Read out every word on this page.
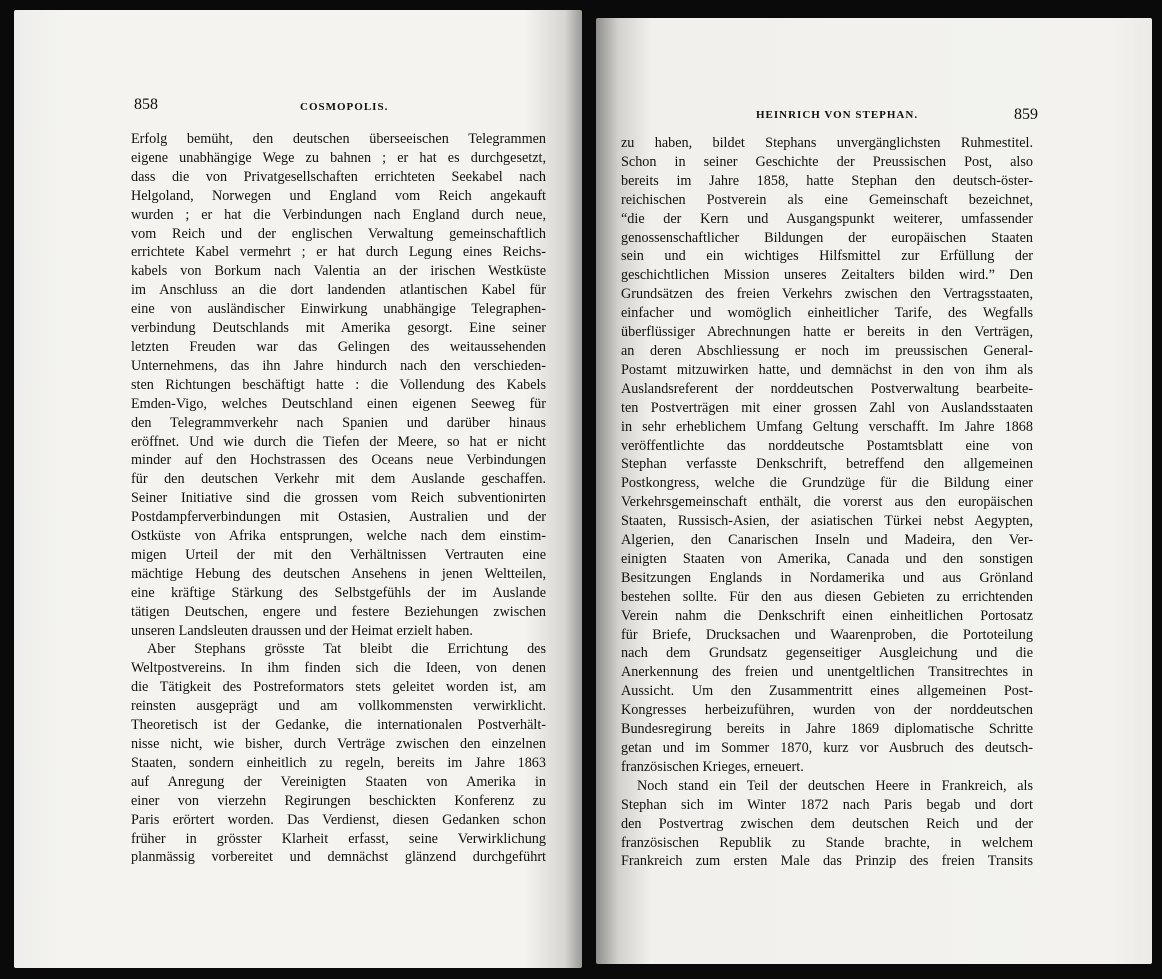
858	COSMOPOLIS.
Erfolg bemüht, den deutschen überseeischen Telegrammen
eigene unabhängige Wege zu bahnen ; er hat es durchgesetzt,
dass die von Privatgesellschaften errichteten Seekabel nach
Helgoland, Norwegen und England vom Reich angekauft
wurden ; er hat die Verbindungen nach England durch neue,
vom Reich und der englischen Verwaltung gemeinschaftlich
errichtete Kabel vermehrt ; er hat durch Legung eines Reichs-
kabels von Borkum nach Valentia an der irischen Westküste
im Anschluss an die dort landenden atlantischen Kabel für
eine von ausländischer Einwirkung unabhängige Telegraphen-
verbindung Deutschlands mit Amerika gesorgt. Eine seiner
letzten Freuden war das Gelingen des weitaussehenden
Unternehmens, das ihn Jahre hindurch nach den verschieden-
sten Richtungen beschäftigt hatte : die Vollendung des Kabels
Emden-Vigo, welches Deutschland einen eigenen Seeweg für
den Telegrammverkehr nach Spanien und darüber hinaus
eröffnet. Und wie durch die Tiefen der Meere, so hat er nicht
minder auf den Hochstrassen des Oceans neue Verbindungen
für den deutschen Verkehr mit dem Auslande geschaffen.
Seiner Initiative sind die grossen vom Reich subventionirten
Postdampferverbindungen mit Ostasien, Australien und der
Ostküste von Afrika entsprungen, welche nach dem einstim-
migen Urteil der mit den Verhältnissen Vertrauten eine
mächtige Hebung des deutschen Ansehens in jenen Weltteilen,
eine kräftige Stärkung des Selbstgefühls der im Auslande
tätigen Deutschen, engere und festere Beziehungen zwischen
unseren Landsleuten draussen und der Heimat erzielt haben.
Aber Stephans grösste Tat bleibt die Errichtung des
Weltpostvereins. In ihm finden sich die Ideen, von denen
die Tätigkeit des Postreformators stets geleitet worden ist, am
reinsten ausgeprägt und am vollkommensten verwirklicht.
Theoretisch ist der Gedanke, die internationalen Postverhält-
nisse nicht, wie bisher, durch Verträge zwischen den einzelnen
Staaten, sondern einheitlich zu regeln, bereits im Jahre 1863
auf Anregung der Vereinigten Staaten von Amerika in
einer von vierzehn Regirungen beschickten Konferenz zu
Paris erörtert worden. Das Verdienst, diesen Gedanken schon
früher in grösster Klarheit erfasst, seine Verwirklichung
planmässig vorbereitet und demnächst glänzend durchgeführt
HEINRICH VON STEPHAN.	859
zu haben, bildet Stephans unvergänglichsten Ruhmestitel.
Schon in seiner Geschichte der Preussischen Post, also
bereits im Jahre 1858, hatte Stephan den deutsch-öster-
reichischen Postverein als eine Gemeinschaft bezeichnet,
“die der Kern und Ausgangspunkt weiterer, umfassender
genossenschaftlicher Bildungen der europäischen Staaten
sein und ein wichtiges Hilfsmittel zur Erfüllung der
geschichtlichen Mission unseres Zeitalters bilden wird.” Den
Grundsätzen des freien Verkehrs zwischen den Vertragsstaaten,
einfacher und womöglich einheitlicher Tarife, des Wegfalls
überflüssiger Abrechnungen hatte er bereits in den Verträgen,
an deren Abschliessung er noch im preussischen General-
Postamt mitzuwirken hatte, und demnächst in den von ihm als
Auslandsreferent der norddeutschen Postverwaltung bearbeite-
ten Postverträgen mit einer grossen Zahl von Auslandsstaaten
in sehr erheblichem Umfang Geltung verschafft. Im Jahre 1868
veröffentlichte das norddeutsche Postamtsblatt eine von
Stephan verfasste Denkschrift, betreffend den allgemeinen
Postkongress, welche die Grundzüge für die Bildung einer
Verkehrsgemeinschaft enthält, die vorerst aus den europäischen
Staaten, Russisch-Asien, der asiatischen Türkei nebst Aegypten,
Algerien, den Canarischen Inseln und Madeira, den Ver-
einigten Staaten von Amerika, Canada und den sonstigen
Besitzungen Englands in Nordamerika und aus Grönland
bestehen sollte. Für den aus diesen Gebieten zu errichtenden
Verein nahm die Denkschrift einen einheitlichen Portosatz
für Briefe, Drucksachen und Waarenproben, die Portoteilung
nach dem Grundsatz gegenseitiger Ausgleichung und die
Anerkennung des freien und unentgeltlichen Transitrechtes in
Aussicht. Um den Zusammentritt eines allgemeinen Post-
Kongresses herbeizuführen, wurden von der norddeutschen
Bundesregirung bereits in Jahre 1869 diplomatische Schritte
getan und im Sommer 1870, kurz vor Ausbruch des deutsch-
französischen Krieges, erneuert.
Noch stand ein Teil der deutschen Heere in Frankreich, als
Stephan sich im Winter 1872 nach Paris begab und dort
den Postvertrag zwischen dem deutschen Reich und der
französischen Republik zu Stande brachte, in welchem
Frankreich zum ersten Male das Prinzip des freien Transits
